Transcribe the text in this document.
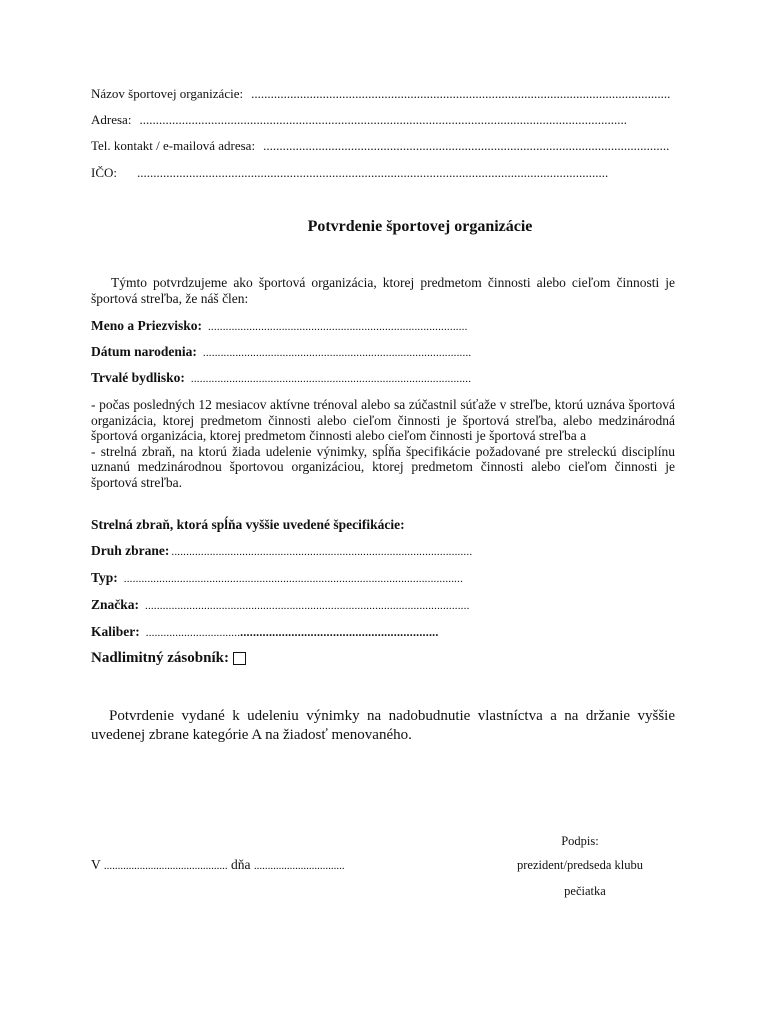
Názov športovej organizácie: .................................................................................................................................
Adresa: ......................................................................................................................................................
Tel. kontakt / e-mailová adresa: .............................................................................................................................
IČO: .................................................................................................................................................
Potvrdenie športovej organizácie
Týmto potvrdzujeme ako športová organizácia, ktorej predmetom činnosti alebo cieľom činnosti je športová streľba, že náš člen:
Meno a Priezvisko: ........................................................................................
Dátum narodenia: ...........................................................................................
Trvalé bydlisko: ...............................................................................................
- počas posledných 12 mesiacov aktívne trénoval alebo sa zúčastnil súťaže v streľbe, ktorú uznáva športová organizácia, ktorej predmetom činnosti alebo cieľom činnosti je športová streľba, alebo medzinárodná športová organizácia, ktorej predmetom činnosti alebo cieľom činnosti je športová streľba a
- strelná zbraň, na ktorú žiada udelenie výnimky, spĺňa špecifikácie požadované pre streleckú disciplínu uznanú medzinárodnou športovou organizáciou, ktorej predmetom činnosti alebo cieľom činnosti je športová streľba.
Strelná zbraň, ktorá spĺňa vyššie uvedené špecifikácie:
Druh zbrane: ......................................................................................................
Typ: ...................................................................................................................
Značka: ..............................................................................................................
Kaliber: ..............................................................................................
Nadlimitný zásobník:
Potvrdenie vydané k udeleniu výnimky na nadobudnutie vlastníctva a na držanie vyššie uvedenej zbrane kategórie A na žiadosť menovaného.
Podpis:
V ............................................. dňa .................................	prezident/predseda klubu
pečiatka
